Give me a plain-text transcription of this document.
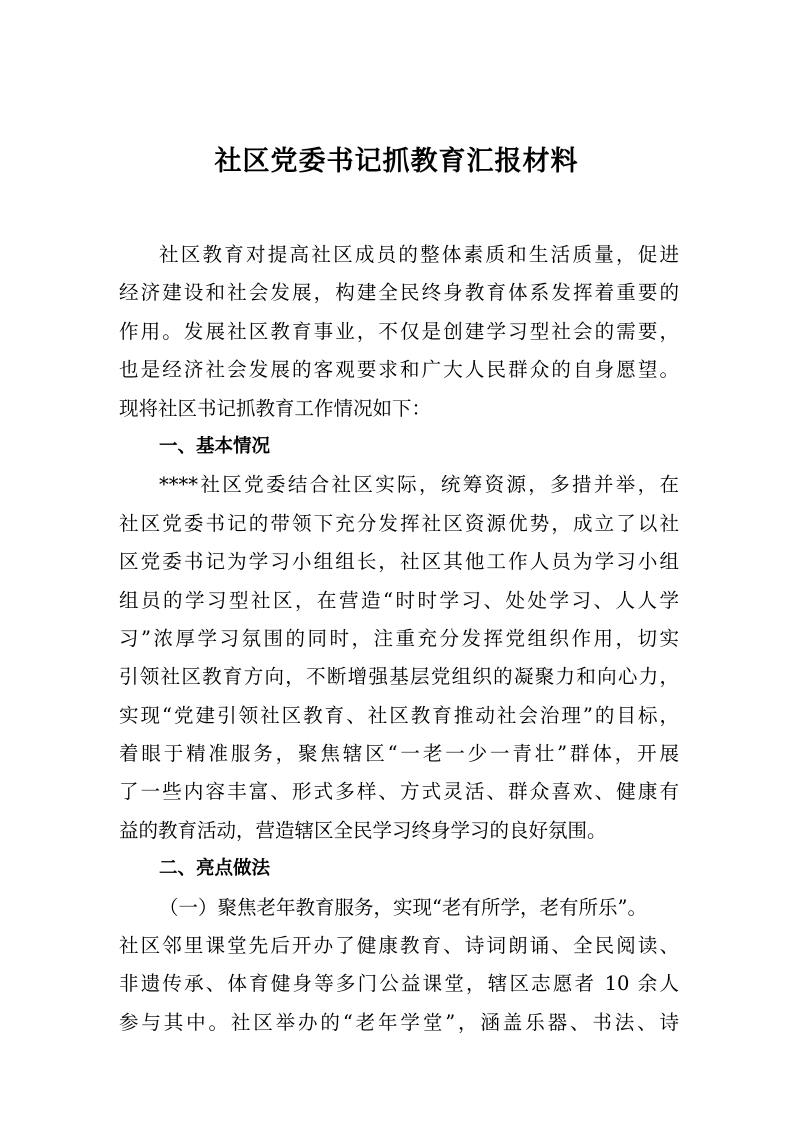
社区党委书记抓教育汇报材料
社区教育对提高社区成员的整体素质和生活质量，促进
经济建设和社会发展，构建全民终身教育体系发挥着重要的
作用。发展社区教育事业，不仅是创建学习型社会的需要，
也是经济社会发展的客观要求和广大人民群众的自身愿望。
现将社区书记抓教育工作情况如下：
一、基本情况
****社区党委结合社区实际，统筹资源，多措并举，在
社区党委书记的带领下充分发挥社区资源优势，成立了以社
区党委书记为学习小组组长，社区其他工作人员为学习小组
组员的学习型社区，在营造“时时学习、处处学习、人人学
习”浓厚学习氛围的同时，注重充分发挥党组织作用，切实
引领社区教育方向，不断增强基层党组织的凝聚力和向心力，
实现“党建引领社区教育、社区教育推动社会治理”的目标，
着眼于精准服务，聚焦辖区“一老一少一青壮”群体，开展
了一些内容丰富、形式多样、方式灵活、群众喜欢、健康有
益的教育活动，营造辖区全民学习终身学习的良好氛围。
二、亮点做法
（一）聚焦老年教育服务，实现“老有所学，老有所乐”。
社区邻里课堂先后开办了健康教育、诗词朗诵、全民阅读、
非遗传承、体育健身等多门公益课堂，辖区志愿者 10 余人
参与其中。社区举办的“老年学堂”，涵盖乐器、书法、诗
